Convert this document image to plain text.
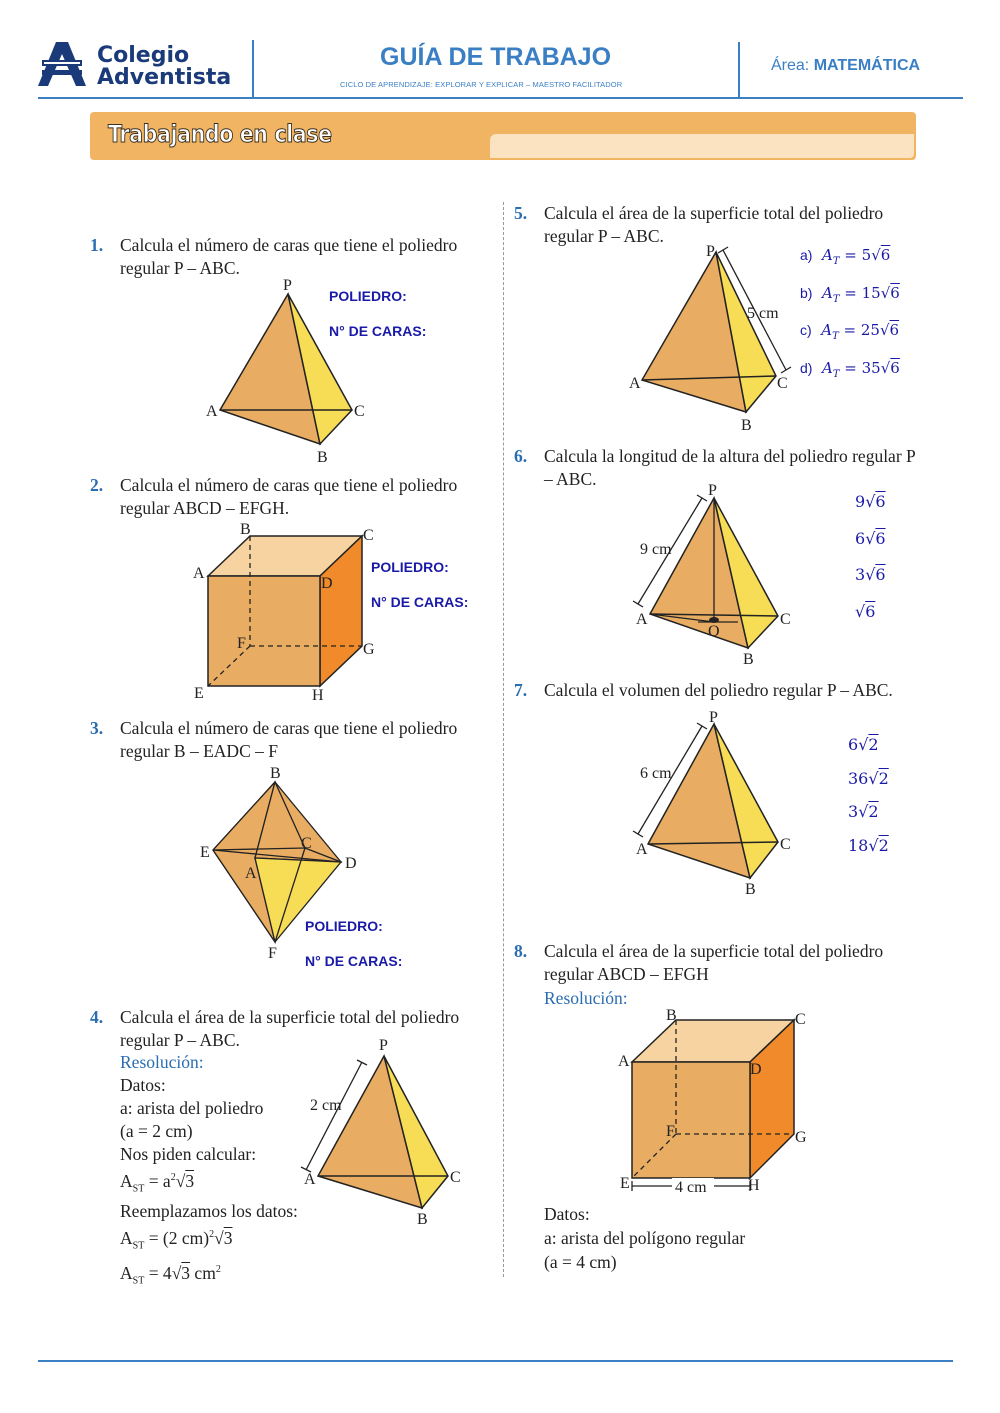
Colegio
Adventista
GUÍA DE TRABAJO
CICLO DE APRENDIZAJE: EXPLORAR Y EXPLICAR – MAESTRO FACILITADOR
Área: MATEMÁTICA
Trabajando en clase
1. Calcula el número de caras que tiene el poliedro regular P – ABC.
P
A
B
C
POLIEDRO:
N° DE CARAS:
2. Calcula el número de caras que tiene el poliedro regular ABCD – EFGH.
B	C
A
D
F	G
E	H
POLIEDRO:
N° DE CARAS:
3. Calcula el número de caras que tiene el poliedro regular B – EADC – F
B
E
A
C
D
F
POLIEDRO:
N° DE CARAS:
4. Calcula el área de la superficie total del poliedro regular P – ABC.
Resolución:
Datos:
a: arista del poliedro
(a = 2 cm)
Nos piden calcular:
$A_{ST} = a^2√3$
Reemplazamos los datos:
$A_{ST} = (2$ cm)$^2$√3
$A_{ST} = 4√3$ $cm^2$
2 cm
P
A
B
C
5. Calcula el área de la superficie total del poliedro regular P – ABC.
5 cm
P
A
B
C
a) $A_T = 5√6$
b) $A_T = 15√6$
c) $A_T = 25√6$
d) $A_T = 35√6$
6. Calcula la longitud de la altura del poliedro regular P – ABC.
9 cm
P
A
B
C
O
9√6
6√6
3√6
√6
7. Calcula el volumen del poliedro regular P – ABC.
6 cm
P
A
B
C
6√2
36√2
3√2
18√2
8. Calcula el área de la superficie total del poliedro regular ABCD – EFGH
Resolución:
4 cm
B	C
A	D
F	G
E	H
Datos:
a: arista del polígono regular
(a = 4 cm)
